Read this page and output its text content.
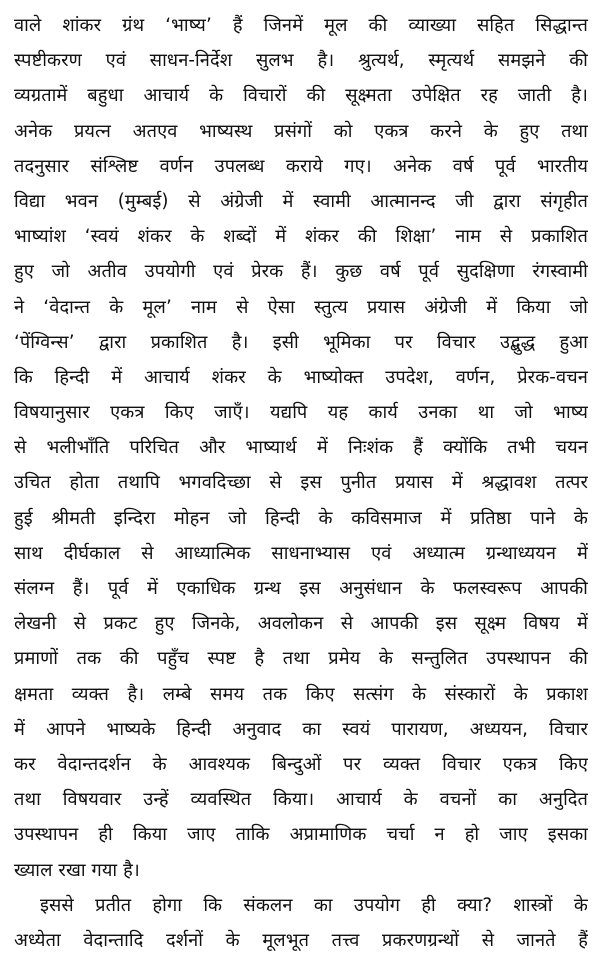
वाले शांकर ग्रंथ ‘भाष्य’ हैं जिनमें मूल की व्याख्या सहित सिद्धान्त
स्पष्टीकरण एवं साधन-निर्देश सुलभ है। श्रुत्यर्थ, स्मृत्यर्थ समझने की
व्यग्रतामें बहुधा आचार्य के विचारों की सूक्ष्मता उपेक्षित रह जाती है।
अनेक प्रयत्न अतएव भाष्यस्थ प्रसंगों को एकत्र करने के हुए तथा
तदनुसार संश्लिष्ट वर्णन उपलब्ध कराये गए। अनेक वर्ष पूर्व भारतीय
विद्या भवन (मुम्बई) से अंग्रेजी में स्वामी आत्मानन्द जी द्वारा संगृहीत
भाष्यांश ‘स्वयं शंकर के शब्दों में शंकर की शिक्षा’ नाम से प्रकाशित
हुए जो अतीव उपयोगी एवं प्रेरक हैं। कुछ वर्ष पूर्व सुदक्षिणा रंगस्वामी
ने ‘वेदान्त के मूल’ नाम से ऐसा स्तुत्य प्रयास अंग्रेजी में किया जो
‘पेंग्विन्स’ द्वारा प्रकाशित है। इसी भूमिका पर विचार उद्बुद्ध हुआ
कि हिन्दी में आचार्य शंकर के भाष्योक्त उपदेश, वर्णन, प्रेरक-वचन
विषयानुसार एकत्र किए जाएँ। यद्यपि यह कार्य उनका था जो भाष्य
से भलीभाँति परिचित और भाष्यार्थ में निःशंक हैं क्योंकि तभी चयन
उचित होता तथापि भगवदिच्छा से इस पुनीत प्रयास में श्रद्धावश तत्पर
हुई श्रीमती इन्दिरा मोहन जो हिन्दी के कविसमाज में प्रतिष्ठा पाने के
साथ दीर्घकाल से आध्यात्मिक साधनाभ्यास एवं अध्यात्म ग्रन्थाध्ययन में
संलग्न हैं। पूर्व में एकाधिक ग्रन्थ इस अनुसंधान के फलस्वरूप आपकी
लेखनी से प्रकट हुए जिनके, अवलोकन से आपकी इस सूक्ष्म विषय में
प्रमाणों तक की पहुँच स्पष्ट है तथा प्रमेय के सन्तुलित उपस्थापन की
क्षमता व्यक्त है। लम्बे समय तक किए सत्संग के संस्कारों के प्रकाश
में आपने भाष्यके हिन्दी अनुवाद का स्वयं पारायण, अध्ययन, विचार
कर वेदान्तदर्शन के आवश्यक बिन्दुओं पर व्यक्त विचार एकत्र किए
तथा विषयवार उन्हें व्यवस्थित किया। आचार्य के वचनों का अनुदित
उपस्थापन ही किया जाए ताकि अप्रामाणिक चर्चा न हो जाए इसका
ख्याल रखा गया है।
इससे प्रतीत होगा कि संकलन का उपयोग ही क्या? शास्त्रों के
अध्येता वेदान्तादि दर्शनों के मूलभूत तत्त्व प्रकरणग्रन्थों से जानते हैं
